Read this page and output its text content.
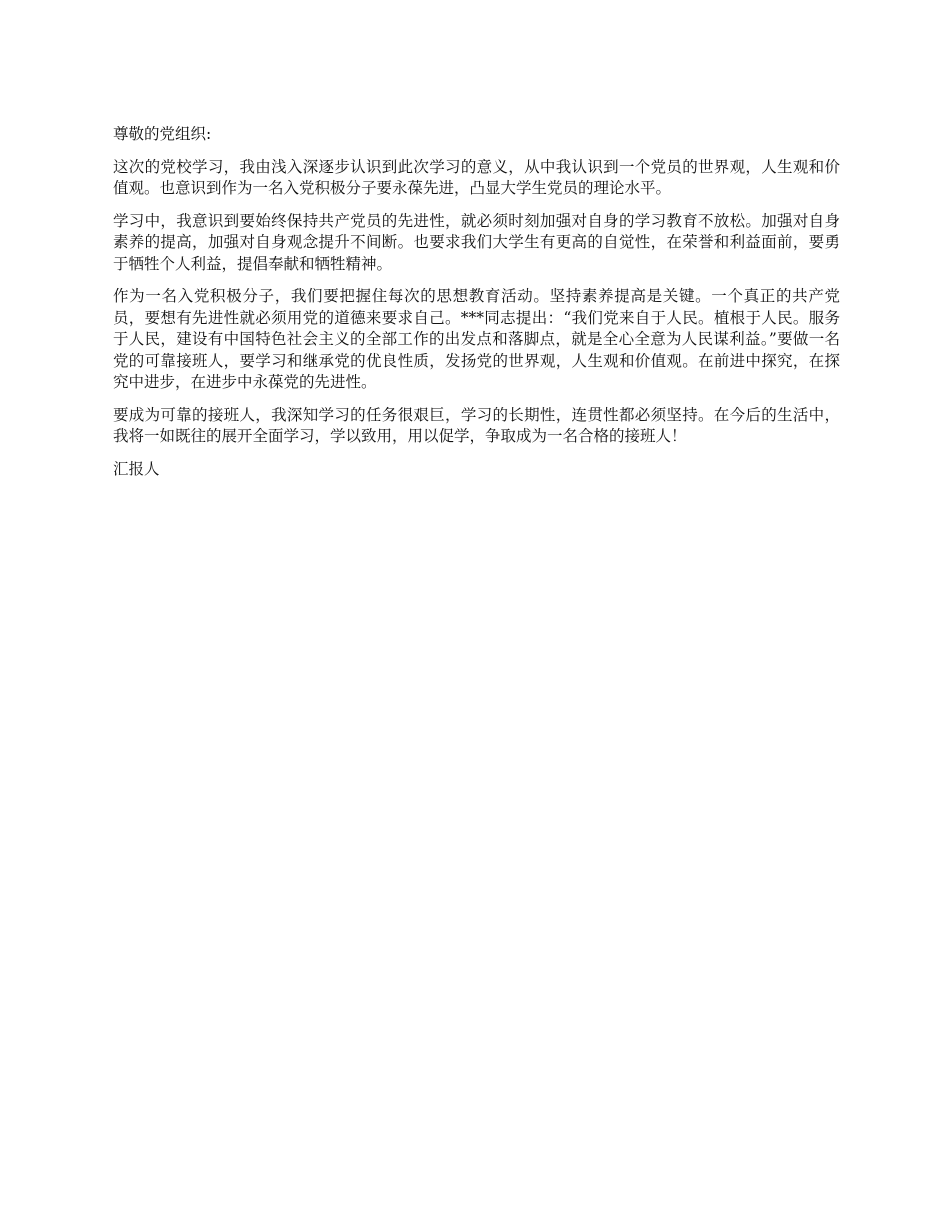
尊敬的党组织:

这次的党校学习，我由浅入深逐步认识到此次学习的意义，从中我认识到一个党员的世界观，人生观和价值观。也意识到作为一名入党积极分子要永葆先进，凸显大学生党员的理论水平。

学习中，我意识到要始终保持共产党员的先进性，就必须时刻加强对自身的学习教育不放松。加强对自身素养的提高，加强对自身观念提升不间断。也要求我们大学生有更高的自觉性，在荣誉和利益面前，要勇于牺牲个人利益，提倡奉献和牺牲精神。

作为一名入党积极分子，我们要把握住每次的思想教育活动。坚持素养提高是关键。一个真正的共产党员，要想有先进性就必须用党的道德来要求自己。***同志提出：“我们党来自于人民。植根于人民。服务于人民，建设有中国特色社会主义的全部工作的出发点和落脚点，就是全心全意为人民谋利益。”要做一名党的可靠接班人，要学习和继承党的优良性质，发扬党的世界观，人生观和价值观。在前进中探究，在探究中进步，在进步中永葆党的先进性。

要成为可靠的接班人，我深知学习的任务很艰巨，学习的长期性，连贯性都必须坚持。在今后的生活中，我将一如既往的展开全面学习，学以致用，用以促学，争取成为一名合格的接班人！

汇报人
